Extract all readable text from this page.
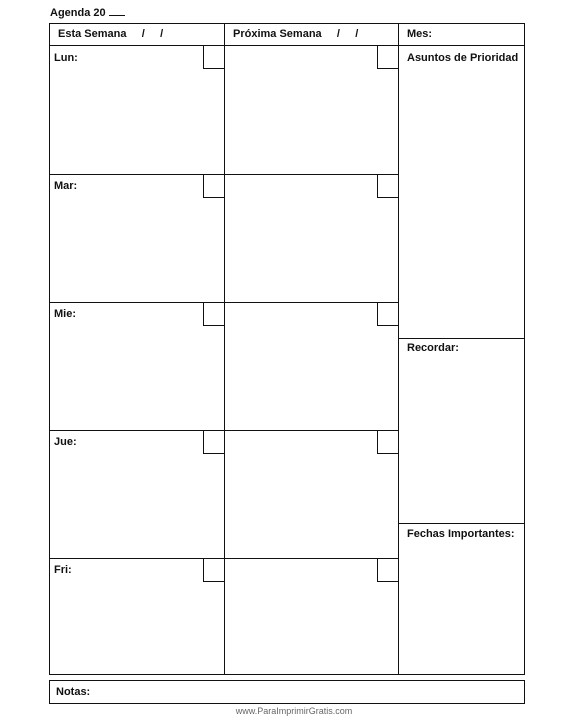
Agenda 20
Esta Semana     /     /	Próxima Semana     /     /	Mes:
Lun:
Mar:
Mie:
Jue:
Fri:
Asuntos de Prioridad
Recordar:
Fechas Importantes:
Notas:
www.ParaImprimirGratis.com
